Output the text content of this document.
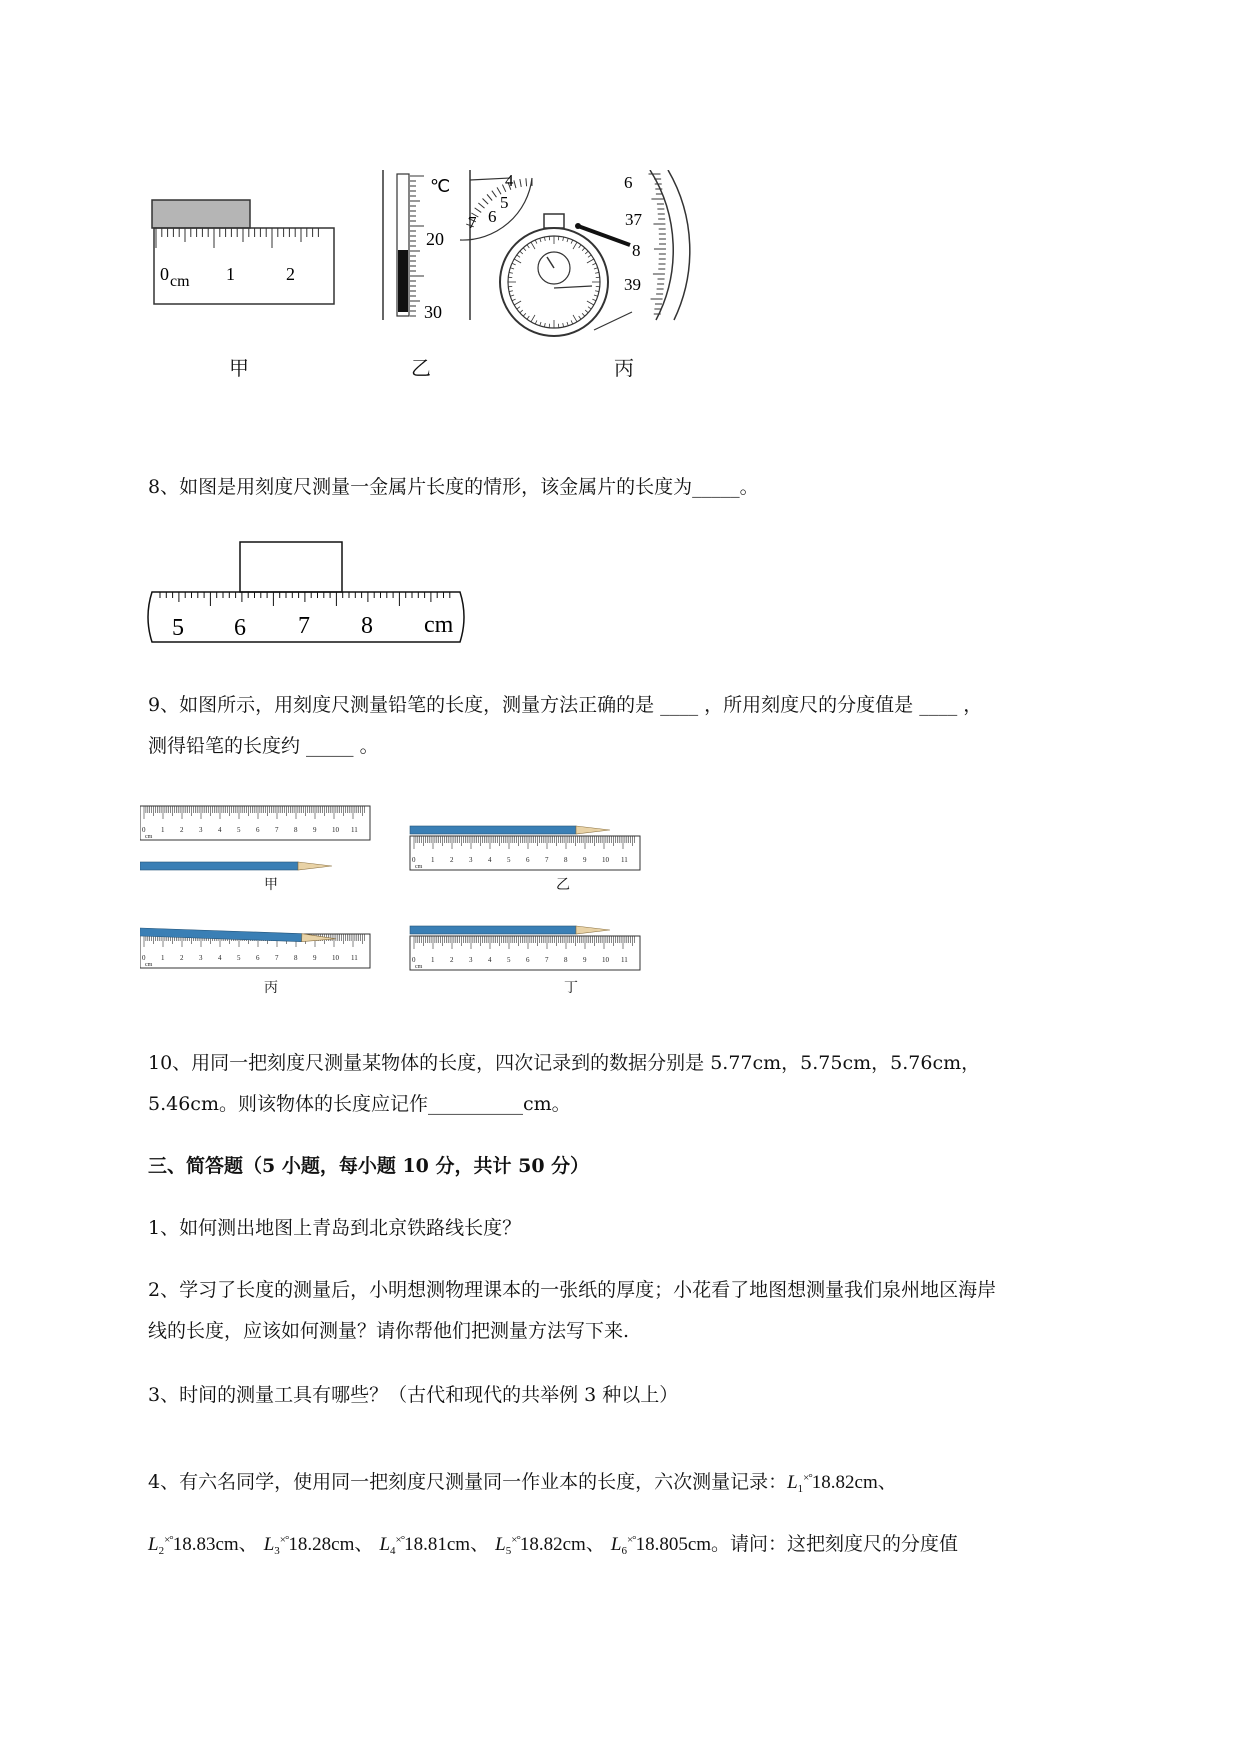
0 cm 1	2
℃
20
30
4
5
6
7
6
37
8
39
甲	乙	丙
8、如图是用刻度尺测量一金属片长度的情形，该金属片的长度为_____。
5 6 7 8 cm
9、如图所示，用刻度尺测量铅笔的长度，测量方法正确的是 ____ ，所用刻度尺的分度值是 ____ ，
测得铅笔的长度约 _____ 。
0 1 2 3 4 5 6 7 8 9 10 11
cm
0 1 2 3 4 5 6 7 8 9 10 11
cm
0 1 2 3 4 5 6 7 8 9 10 11
cm
0 1 2 3 4 5 6 7 8 9 10 11
cm
甲	乙
丙	丁
10、用同一把刻度尺测量某物体的长度，四次记录到的数据分别是 5.77cm，5.75cm，5.76cm，
5.46cm。则该物体的长度应记作__________cm。
三、简答题（5 小题，每小题 10 分，共计 50 分）
1、如何测出地图上青岛到北京铁路线长度？
2、学习了长度的测量后，小明想测物理课本的一张纸的厚度；小花看了地图想测量我们泉州地区海岸
线的长度，应该如何测量？请你帮他们把测量方法写下来.
3、时间的测量工具有哪些？（古代和现代的共举例 3 种以上）
4、有六名同学，使用同一把刻度尺测量同一作业本的长度，六次测量记录：$L_1^{\times^\circ}18.82cm$、
$L_2^{\times^\circ}18.83cm$、 $L_3^{\times^\circ}18.28cm$、 $L_4^{\times^\circ}18.81cm$、 $L_5^{\times^\circ}18.82cm$、 $L_6^{\times^\circ}18.805cm$。请问：这把刻度尺的分度值
